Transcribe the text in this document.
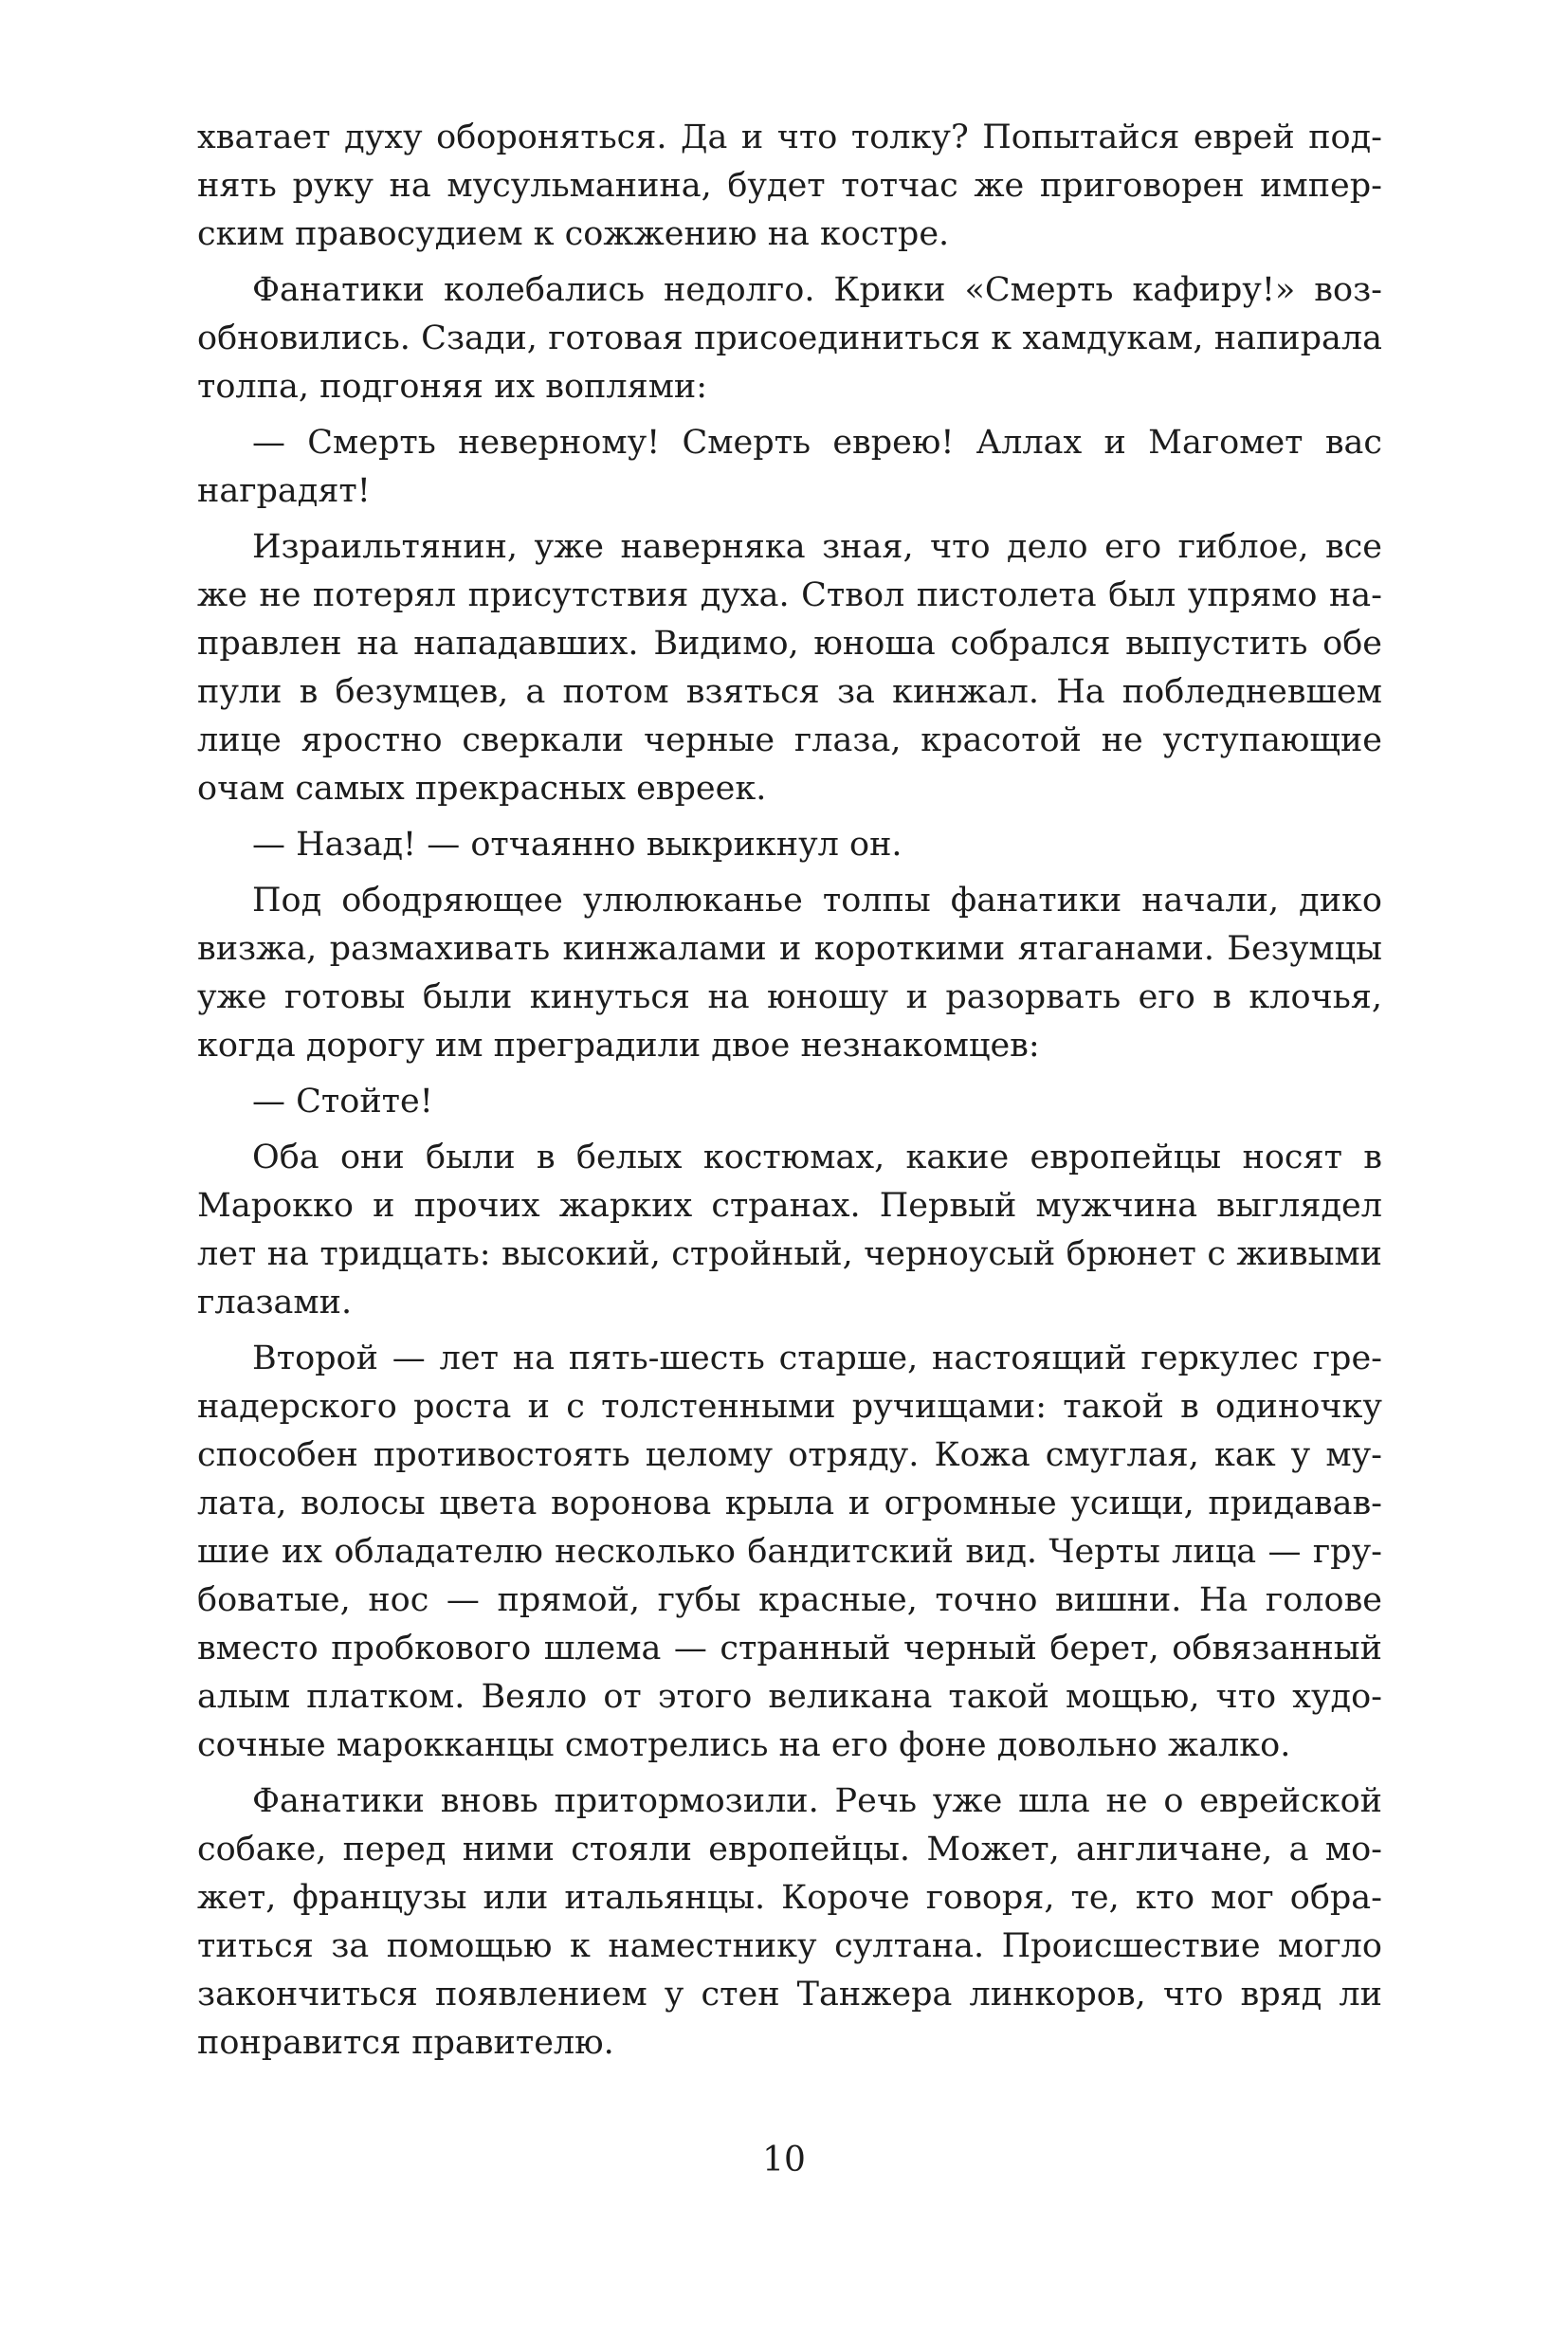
хватает духу обороняться. Да и что толку? Попытайся еврей поднять руку на мусульманина, будет тотчас же приговорен имперским правосудием к сожжению на костре.

Фанатики колебались недолго. Крики «Смерть кафиру!» возобновились. Сзади, готовая присоединиться к хамдукам, напирала толпа, подгоняя их воплями:

— Смерть неверному! Смерть еврею! Аллах и Магомет вас наградят!

Израильтянин, уже наверняка зная, что дело его гиблое, все же не потерял присутствия духа. Ствол пистолета был упрямо направлен на нападавших. Видимо, юноша собрался выпустить обе пули в безумцев, а потом взяться за кинжал. На побледневшем лице яростно сверкали черные глаза, красотой не уступающие очам самых прекрасных евреек.

— Назад! — отчаянно выкрикнул он.

Под ободряющее улюлюканье толпы фанатики начали, дико визжа, размахивать кинжалами и короткими ятаганами. Безумцы уже готовы были кинуться на юношу и разорвать его в клочья, когда дорогу им преградили двое незнакомцев:

— Стойте!

Оба они были в белых костюмах, какие европейцы носят в Марокко и прочих жарких странах. Первый мужчина выглядел лет на тридцать: высокий, стройный, черноусый брюнет с живыми глазами.

Второй — лет на пять-шесть старше, настоящий геркулес гренадерского роста и с толстенными ручищами: такой в одиночку способен противостоять целому отряду. Кожа смуглая, как у мулата, волосы цвета воронова крыла и огромные усищи, придававшие их обладателю несколько бандитский вид. Черты лица — грубоватые, нос — прямой, губы красные, точно вишни. На голове вместо пробкового шлема — странный черный берет, обвязанный алым платком. Веяло от этого великана такой мощью, что худосочные марокканцы смотрелись на его фоне довольно жалко.

Фанатики вновь притормозили. Речь уже шла не о еврейской собаке, перед ними стояли европейцы. Может, англичане, а может, французы или итальянцы. Короче говоря, те, кто мог обратиться за помощью к наместнику султана. Происшествие могло закончиться появлением у стен Танжера линкоров, что вряд ли понравится правителю.

10
